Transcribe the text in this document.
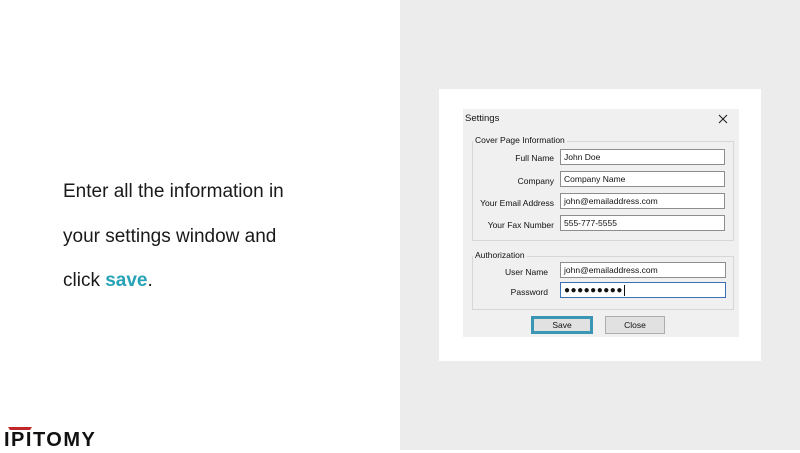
Enter all the information in
your settings window and
click save.
IPITOMY
Settings
Cover Page Information
Full Name	John Doe
Company	Company Name
Your Email Address	john@emailaddress.com
Your Fax Number	555-777-5555
Authorization
User Name	john@emailaddress.com
Password	●●●●●●●●●
Save	Close
